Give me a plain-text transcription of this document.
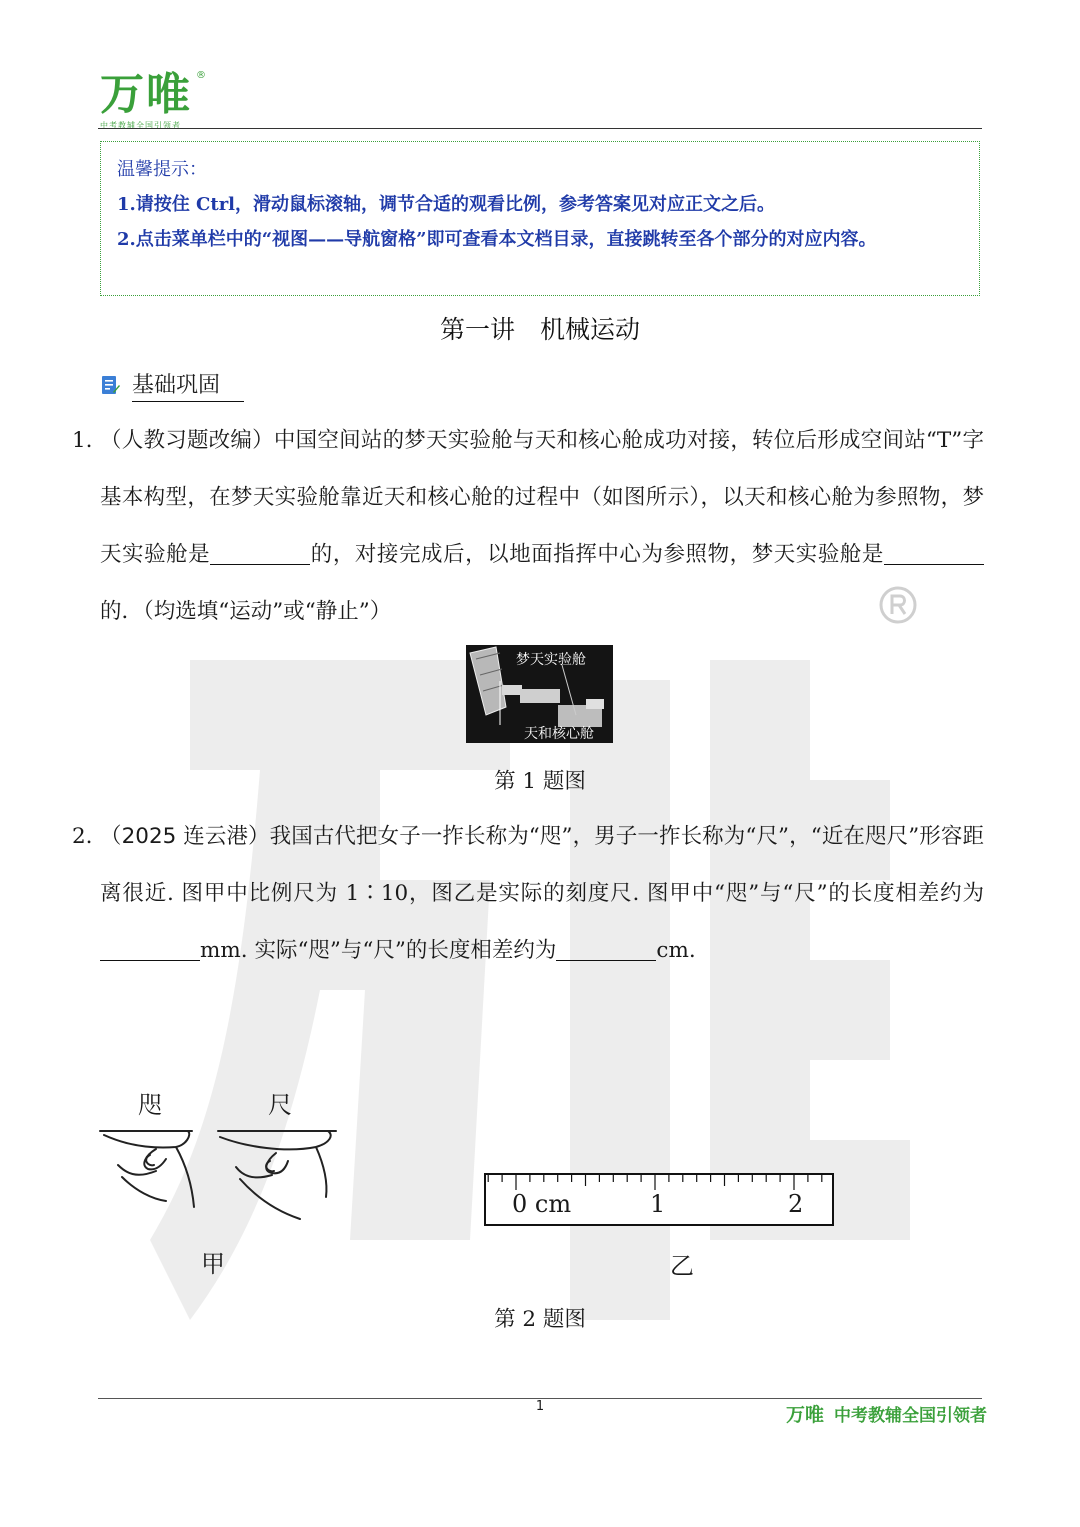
万唯 ®
中考教辅全国引领者
温馨提示：
1.请按住 Ctrl，滑动鼠标滚轴，调节合适的观看比例，参考答案见对应正文之后。
2.点击菜单栏中的“视图——导航窗格”即可查看本文档目录，直接跳转至各个部分的对应内容。
第一讲　机械运动
基础巩固
1. （人教习题改编）中国空间站的梦天实验舱与天和核心舱成功对接，转位后形成空间站“T”字基本构型，在梦天实验舱靠近天和核心舱的过程中（如图所示），以天和核心舱为参照物，梦天实验舱是	的，对接完成后，以地面指挥中心为参照物，梦天实验舱是的．（均选填“运动”或“静止”）
梦天实验舱
天和核心舱
第 1 题图
2. （2025 连云港）我国古代把女子一拃长称为“咫”，男子一拃长称为“尺”，“近在咫尺”形容距离很近. 图甲中比例尺为 1∶10，图乙是实际的刻度尺. 图甲中“咫”与“尺”的长度相差约为mm. 实际“咫”与“尺”的长度相差约为	cm.
咫	尺
甲
0 cm	1	2
乙
第 2 题图
1	万唯 中考教辅全国引领者
